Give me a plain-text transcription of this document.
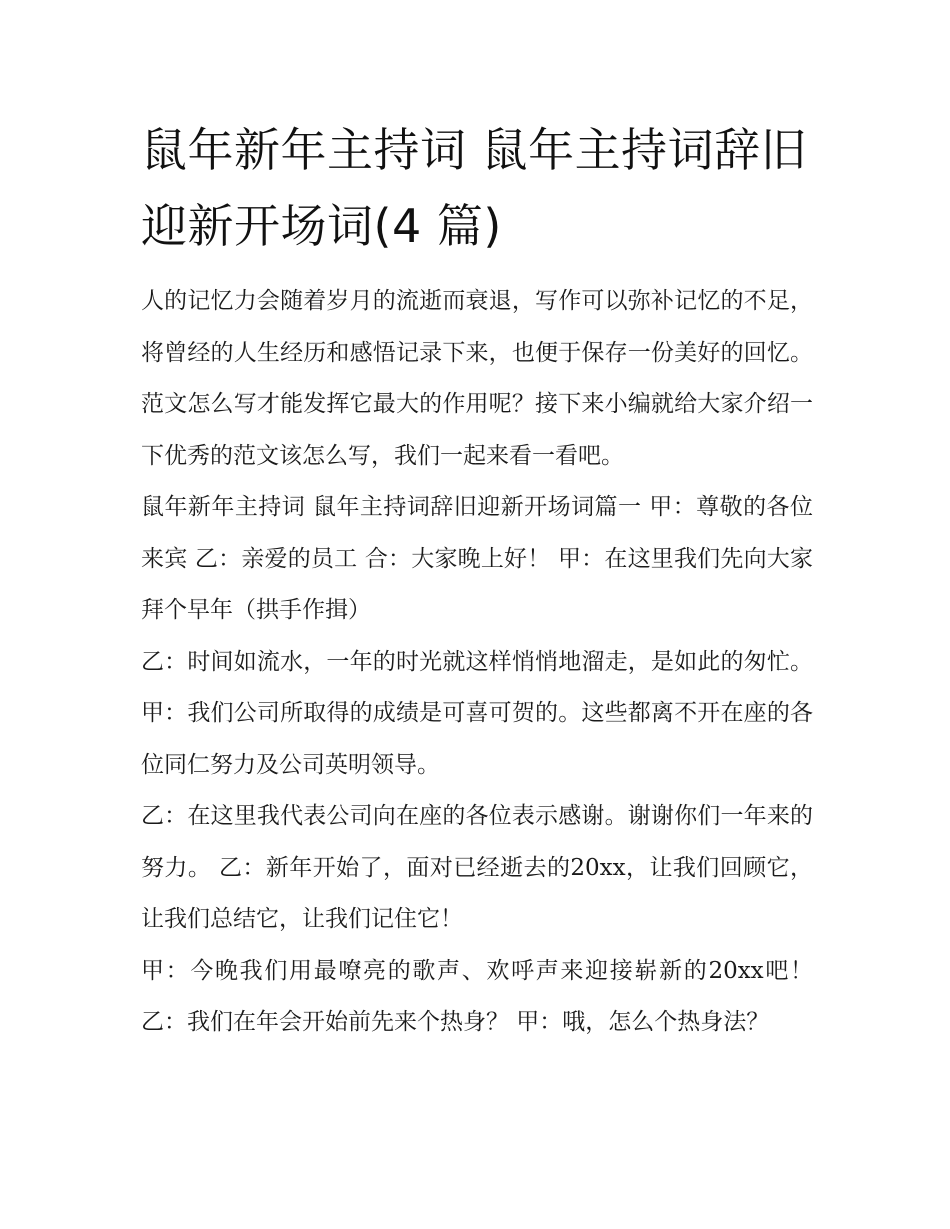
鼠年新年主持词 鼠年主持词辞旧迎新开场词(4 篇)

人的记忆力会随着岁月的流逝而衰退，写作可以弥补记忆的不足，将曾经的人生经历和感悟记录下来，也便于保存一份美好的回忆。范文怎么写才能发挥它最大的作用呢？接下来小编就给大家介绍一下优秀的范文该怎么写，我们一起来看一看吧。

鼠年新年主持词 鼠年主持词辞旧迎新开场词篇一 甲：尊敬的各位来宾 乙：亲爱的员工 合：大家晚上好！ 甲：在这里我们先向大家拜个早年（拱手作揖）

乙：时间如流水，一年的时光就这样悄悄地溜走，是如此的匆忙。 甲：我们公司所取得的成绩是可喜可贺的。这些都离不开在座的各位同仁努力及公司英明领导。

乙：在这里我代表公司向在座的各位表示感谢。谢谢你们一年来的努力。 乙：新年开始了，面对已经逝去的20xx，让我们回顾它，让我们总结它，让我们记住它！

甲：今晚我们用最嘹亮的歌声、欢呼声来迎接崭新的20xx吧！ 乙：我们在年会开始前先来个热身？ 甲：哦，怎么个热身法？
